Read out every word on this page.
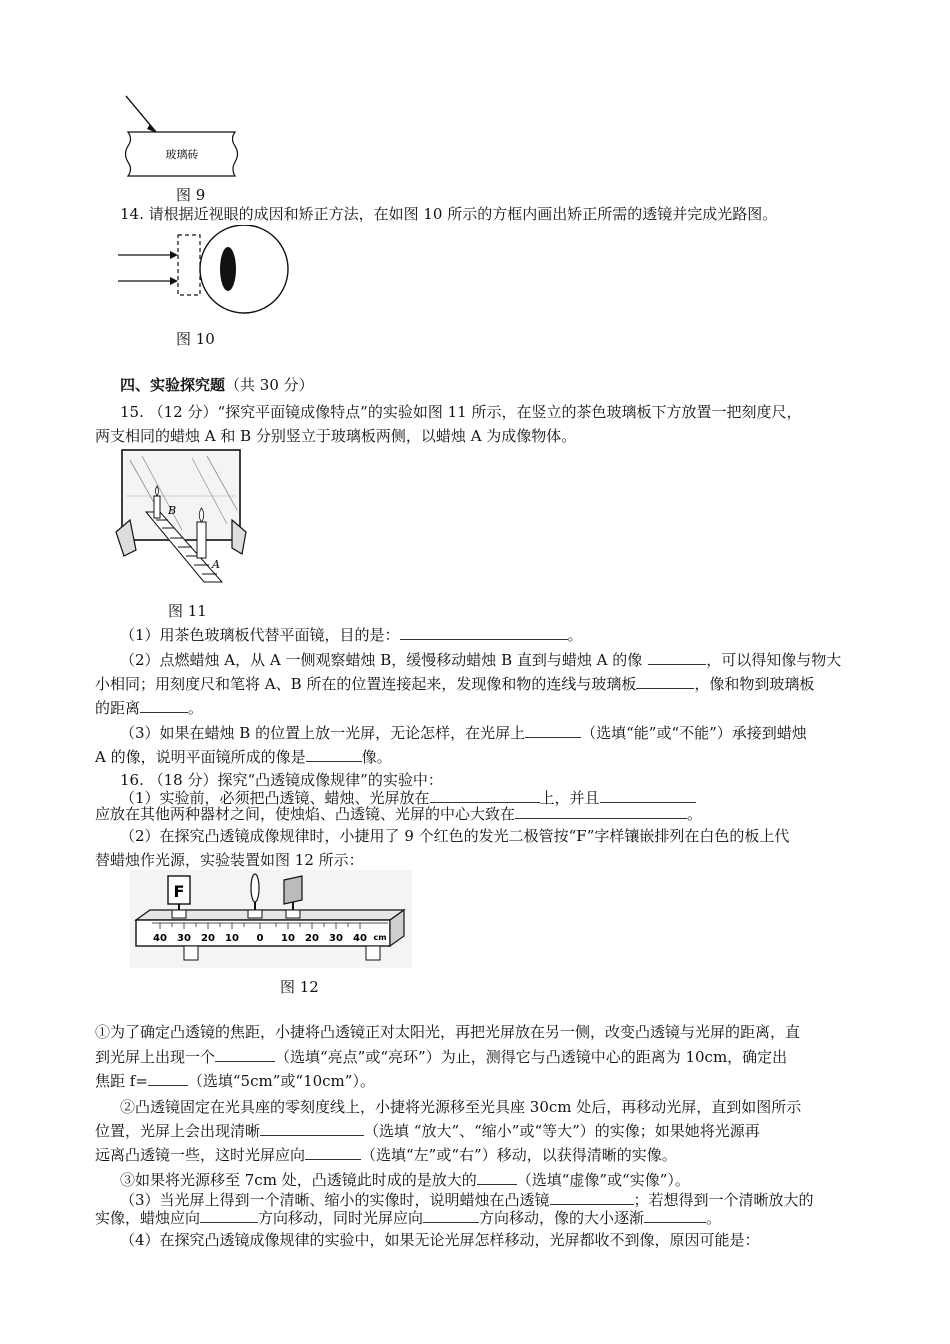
玻璃砖
图 9
14. 请根据近视眼的成因和矫正方法，在如图 10 所示的方框内画出矫正所需的透镜并完成光路图。
图 10
四、实验探究题（共 30 分）
15. （12 分）“探究平面镜成像特点”的实验如图 11 所示，在竖立的茶色玻璃板下方放置一把刻度尺，
两支相同的蜡烛 A 和 B 分别竖立于玻璃板两侧，以蜡烛 A 为成像物体。
B
A
图 11
（1）用茶色玻璃板代替平面镜，目的是：	。
（2）点燃蜡烛 A，从 A 一侧观察蜡烛 B，缓慢移动蜡烛 B 直到与蜡烛 A 的像	，可以得知像与物大
小相同；用刻度尺和笔将 A、B 所在的位置连接起来，发现像和物的连线与玻璃板	，像和物到玻璃板
的距离	。
（3）如果在蜡烛 B 的位置上放一光屏，无论怎样，在光屏上	（选填“能”或“不能”）承接到蜡烛
A 的像，说明平面镜所成的像是	像。
16. （18 分）探究“凸透镜成像规律”的实验中：
（1）实验前，必须把凸透镜、蜡烛、光屏放在	上，并且
应放在其他两种器材之间，使烛焰、凸透镜、光屏的中心大致在	。
（2）在探究凸透镜成像规律时，小捷用了 9 个红色的发光二极管按“F”字样镶嵌排列在白色的板上代
替蜡烛作光源，实验装置如图 12 所示：
40 30 20 10 0 10 20 30 40 cm
F
图 12
①为了确定凸透镜的焦距，小捷将凸透镜正对太阳光，再把光屏放在另一侧，改变凸透镜与光屏的距离，直
到光屏上出现一个	（选填“亮点”或“亮环”）为止，测得它与凸透镜中心的距离为 10cm，确定出
焦距 f=	（选填“5cm”或“10cm”）。
②凸透镜固定在光具座的零刻度线上，小捷将光源移至光具座 30cm 处后，再移动光屏，直到如图所示
位置，光屏上会出现清晰	（选填 “放大”、“缩小”或“等大”）的实像；如果她将光源再
远离凸透镜一些，这时光屏应向	（选填“左”或“右”）移动，以获得清晰的实像。
③如果将光源移至 7cm 处，凸透镜此时成的是放大的	（选填“虚像”或“实像”）。
（3）当光屏上得到一个清晰、缩小的实像时，说明蜡烛在凸透镜	；若想得到一个清晰放大的
实像，蜡烛应向	方向移动，同时光屏应向	方向移动，像的大小逐渐	。
（4）在探究凸透镜成像规律的实验中，如果无论光屏怎样移动，光屏都收不到像，原因可能是：
